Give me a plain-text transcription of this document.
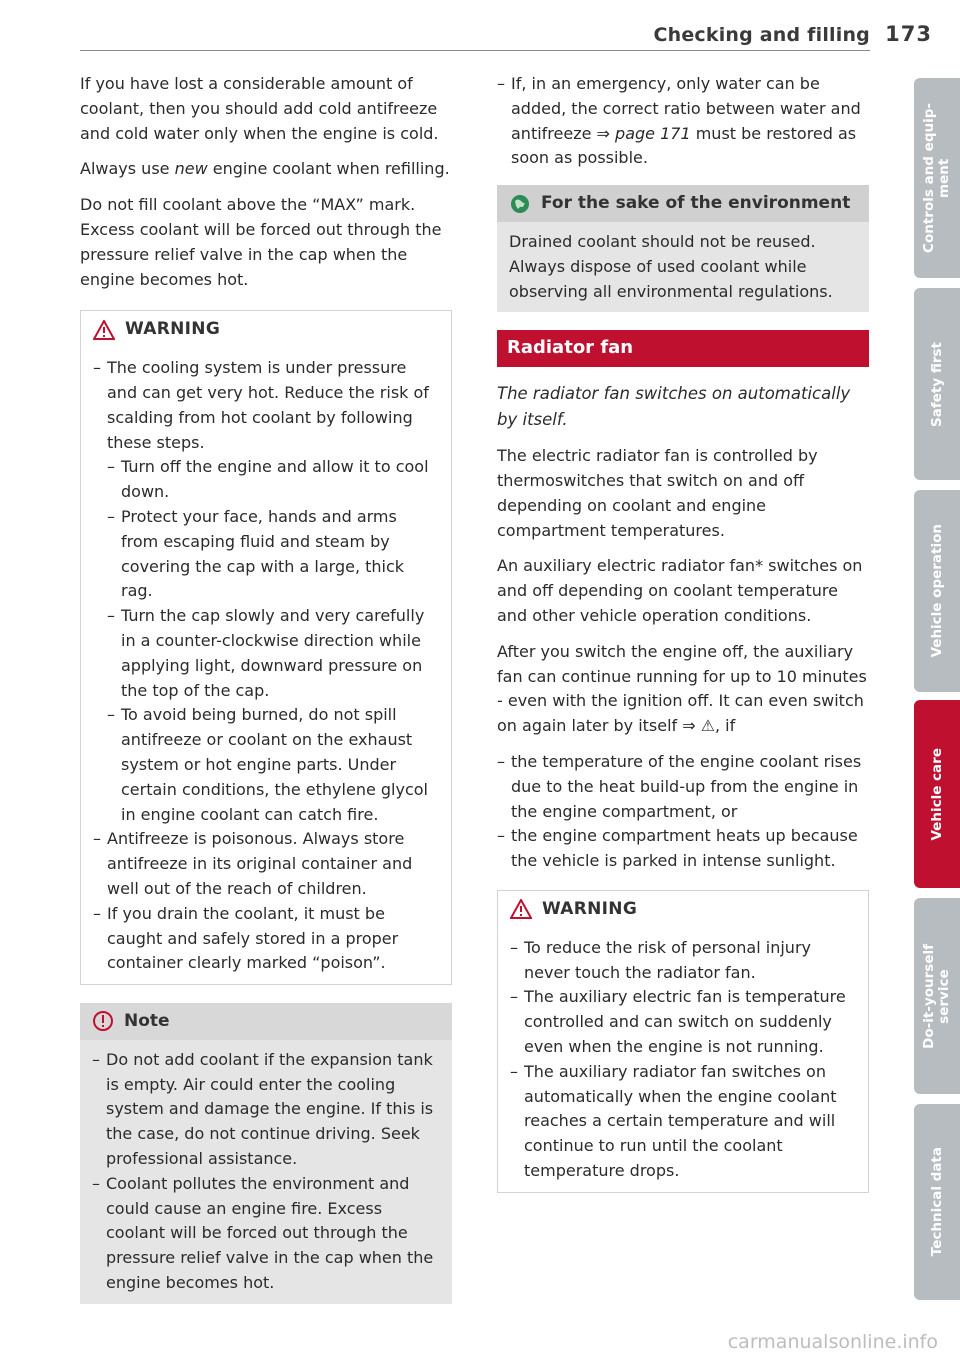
Checking and filling 173

If you have lost a considerable amount of coolant, then you should add cold antifreeze and cold water only when the engine is cold.

Always use new engine coolant when refilling.

Do not fill coolant above the “MAX” mark. Excess coolant will be forced out through the pressure relief valve in the cap when the engine becomes hot.

WARNING
– The cooling system is under pressure and can get very hot. Reduce the risk of scalding from hot coolant by following these steps.
– Turn off the engine and allow it to cool down.
– Protect your face, hands and arms from escaping fluid and steam by covering the cap with a large, thick rag.
– Turn the cap slowly and very carefully in a counter-clockwise direction while applying light, downward pressure on the top of the cap.
– To avoid being burned, do not spill antifreeze or coolant on the exhaust system or hot engine parts. Under certain conditions, the ethylene glycol in engine coolant can catch fire.
– Antifreeze is poisonous. Always store antifreeze in its original container and well out of the reach of children.
– If you drain the coolant, it must be caught and safely stored in a proper container clearly marked “poison”.
Note
– Do not add coolant if the expansion tank is empty. Air could enter the cooling system and damage the engine. If this is the case, do not continue driving. Seek professional assistance.
– Coolant pollutes the environment and could cause an engine fire. Excess coolant will be forced out through the pressure relief valve in the cap when the engine becomes hot.
– If, in an emergency, only water can be added, the correct ratio between water and antifreeze ⇒ page 171 must be restored as soon as possible.
For the sake of the environment

Drained coolant should not be reused. Always dispose of used coolant while observing all environmental regulations.

Radiator fan

The radiator fan switches on automatically by itself.

The electric radiator fan is controlled by thermoswitches that switch on and off depending on coolant and engine compartment temperatures.

An auxiliary electric radiator fan* switches on and off depending on coolant temperature and other vehicle operation conditions.

After you switch the engine off, the auxiliary fan can continue running for up to 10 minutes - even with the ignition off. It can even switch on again later by itself ⇒ ⚠, if

– the temperature of the engine coolant rises due to the heat build-up from the engine in the engine compartment, or
– the engine compartment heats up because the vehicle is parked in intense sunlight.
WARNING
– To reduce the risk of personal injury never touch the radiator fan.
– The auxiliary electric fan is temperature controlled and can switch on suddenly even when the engine is not running.
– The auxiliary radiator fan switches on automatically when the engine coolant reaches a certain temperature and will continue to run until the coolant temperature drops.
Controls and equip-
ment
Safety first
Vehicle operation
Vehicle care
Do-it-yourself
service
Technical data
carmanualsonline.info
